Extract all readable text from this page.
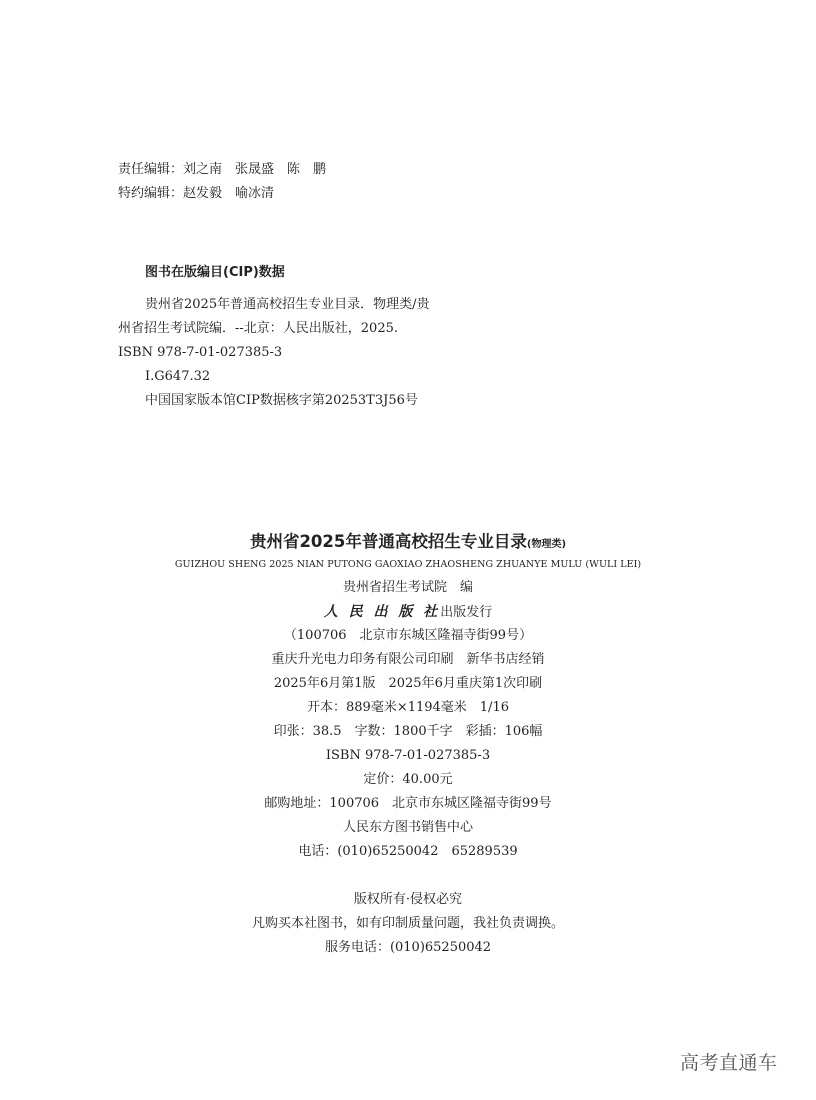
责任编辑：刘之南　张晟盛　陈　鹏
特约编辑：赵发毅　喻冰清
图书在版编目(CIP)数据
贵州省2025年普通高校招生专业目录．物理类/贵
州省招生考试院编．--北京：人民出版社，2025.
ISBN 978-7-01-027385-3
I.G647.32
中国国家版本馆CIP数据核字第20253T3J56号
贵州省2025年普通高校招生专业目录(物理类)
GUIZHOU SHENG 2025 NIAN PUTONG GAOXIAO ZHAOSHENG ZHUANYE MULU (WULI LEI)
贵州省招生考试院　编
人 民 出 版 社出版发行
（100706　北京市东城区隆福寺街99号）
重庆升光电力印务有限公司印刷　新华书店经销
2025年6月第1版　2025年6月重庆第1次印刷
开本：889毫米×1194毫米　1/16
印张：38.5　字数：1800千字　彩插：106幅
ISBN 978-7-01-027385-3
定价：40.00元
邮购地址：100706　北京市东城区隆福寺街99号
人民东方图书销售中心
电话：(010)65250042　65289539
版权所有·侵权必究
凡购买本社图书，如有印制质量问题，我社负责调换。
服务电话：(010)65250042
高考直通车
